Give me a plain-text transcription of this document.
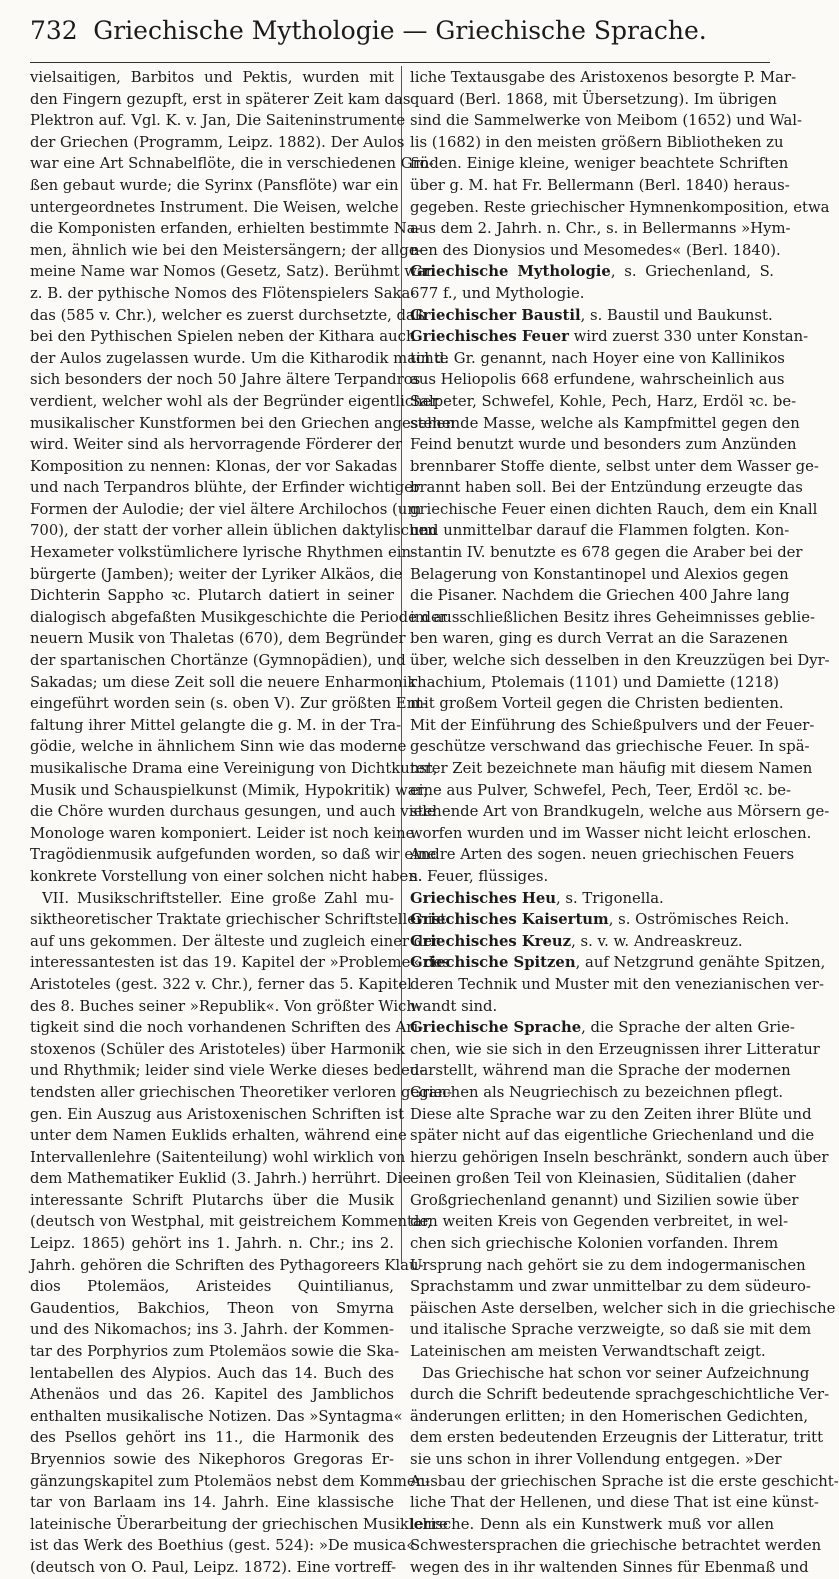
732 Griechische Mythologie — Griechische Sprache.
vielsaitigen, Barbitos und Pektis, wurden mit
den Fingern gezupft, erst in späterer Zeit kam das
Plektron auf. Vgl. K. v. Jan, Die Saiteninstrumente
der Griechen (Programm, Leipz. 1882). Der Aulos
war eine Art Schnabelflöte, die in verschiedenen Grö-
ßen gebaut wurde; die Syrinx (Pansflöte) war ein
untergeordnetes Instrument. Die Weisen, welche
die Komponisten erfanden, erhielten bestimmte Na-
men, ähnlich wie bei den Meistersängern; der allge-
meine Name war Nomos (Gesetz, Satz). Berühmt war
z. B. der pythische Nomos des Flötenspielers Saka-
das (585 v. Chr.), welcher es zuerst durchsetzte, daß
bei den Pythischen Spielen neben der Kithara auch
der Aulos zugelassen wurde. Um die Kitharodik machte
sich besonders der noch 50 Jahre ältere Terpandros
verdient, welcher wohl als der Begründer eigentlicher
musikalischer Kunstformen bei den Griechen angesehen
wird. Weiter sind als hervorragende Förderer der
Komposition zu nennen: Klonas, der vor Sakadas
und nach Terpandros blühte, der Erfinder wichtiger
Formen der Aulodie; der viel ältere Archilochos (um
700), der statt der vorher allein üblichen daktylischen
Hexameter volkstümlichere lyrische Rhythmen ein-
bürgerte (Jamben); weiter der Lyriker Alkäos, die
Dichterin Sappho ꝛc. Plutarch datiert in seiner
dialogisch abgefaßten Musikgeschichte die Periode der
neuern Musik von Thaletas (670), dem Begründer
der spartanischen Chortänze (Gymnopädien), und
Sakadas; um diese Zeit soll die neuere Enharmonik
eingeführt worden sein (s. oben V). Zur größten Ent-
faltung ihrer Mittel gelangte die g. M. in der Tra-
gödie, welche in ähnlichem Sinn wie das moderne
musikalische Drama eine Vereinigung von Dichtkunst,
Musik und Schauspielkunst (Mimik, Hypokritik) war;
die Chöre wurden durchaus gesungen, und auch viele
Monologe waren komponiert. Leider ist noch keine
Tragödienmusik aufgefunden worden, so daß wir eine
konkrete Vorstellung von einer solchen nicht haben.
VII. Musikschriftsteller. Eine große Zahl mu-
siktheoretischer Traktate griechischer Schriftsteller ist
auf uns gekommen. Der älteste und zugleich einer der
interessantesten ist das 19. Kapitel der »Probleme« des
Aristoteles (gest. 322 v. Chr.), ferner das 5. Kapitel
des 8. Buches seiner »Republik«. Von größter Wich-
tigkeit sind die noch vorhandenen Schriften des Ari-
stoxenos (Schüler des Aristoteles) über Harmonik
und Rhythmik; leider sind viele Werke dieses bedeu-
tendsten aller griechischen Theoretiker verloren gegan-
gen. Ein Auszug aus Aristoxenischen Schriften ist
unter dem Namen Euklids erhalten, während eine
Intervallenlehre (Saitenteilung) wohl wirklich von
dem Mathematiker Euklid (3. Jahrh.) herrührt. Die
interessante Schrift Plutarchs über die Musik
(deutsch von Westphal, mit geistreichem Kommentar,
Leipz. 1865) gehört ins 1. Jahrh. n. Chr.; ins 2.
Jahrh. gehören die Schriften des Pythagoreers Klau-
dios Ptolemäos, Aristeides Quintilianus,
Gaudentios, Bakchios, Theon von Smyrna
und des Nikomachos; ins 3. Jahrh. der Kommen-
tar des Porphyrios zum Ptolemäos sowie die Ska-
lentabellen des Alypios. Auch das 14. Buch des
Athenäos und das 26. Kapitel des Jamblichos
enthalten musikalische Notizen. Das »Syntagma«
des Psellos gehört ins 11., die Harmonik des
Bryennios sowie des Nikephoros Gregoras Er-
gänzungskapitel zum Ptolemäos nebst dem Kommen-
tar von Barlaam ins 14. Jahrh. Eine klassische
lateinische Überarbeitung der griechischen Musiklehre
ist das Werk des Boethius (gest. 524): »De musica«
(deutsch von O. Paul, Leipz. 1872). Eine vortreff-
liche Textausgabe des Aristoxenos besorgte P. Mar-
quard (Berl. 1868, mit Übersetzung). Im übrigen
sind die Sammelwerke von Meibom (1652) und Wal-
lis (1682) in den meisten größern Bibliotheken zu
finden. Einige kleine, weniger beachtete Schriften
über g. M. hat Fr. Bellermann (Berl. 1840) heraus-
gegeben. Reste griechischer Hymnenkomposition, etwa
aus dem 2. Jahrh. n. Chr., s. in Bellermanns »Hym-
nen des Dionysios und Mesomedes« (Berl. 1840).
Griechische Mythologie, s. Griechenland, S.
677 f., und Mythologie.
Griechischer Baustil, s. Baustil und Baukunst.
Griechisches Feuer wird zuerst 330 unter Konstan-
tin d. Gr. genannt, nach Hoyer eine von Kallinikos
aus Heliopolis 668 erfundene, wahrscheinlich aus
Salpeter, Schwefel, Kohle, Pech, Harz, Erdöl ꝛc. be-
stehende Masse, welche als Kampfmittel gegen den
Feind benutzt wurde und besonders zum Anzünden
brennbarer Stoffe diente, selbst unter dem Wasser ge-
brannt haben soll. Bei der Entzündung erzeugte das
griechische Feuer einen dichten Rauch, dem ein Knall
und unmittelbar darauf die Flammen folgten. Kon-
stantin IV. benutzte es 678 gegen die Araber bei der
Belagerung von Konstantinopel und Alexios gegen
die Pisaner. Nachdem die Griechen 400 Jahre lang
im ausschließlichen Besitz ihres Geheimnisses geblie-
ben waren, ging es durch Verrat an die Sarazenen
über, welche sich desselben in den Kreuzzügen bei Dyr-
rhachium, Ptolemais (1101) und Damiette (1218)
mit großem Vorteil gegen die Christen bedienten.
Mit der Einführung des Schießpulvers und der Feuer-
geschütze verschwand das griechische Feuer. In spä-
terer Zeit bezeichnete man häufig mit diesem Namen
eine aus Pulver, Schwefel, Pech, Teer, Erdöl ꝛc. be-
stehende Art von Brandkugeln, welche aus Mörsern ge-
worfen wurden und im Wasser nicht leicht erloschen.
Andre Arten des sogen. neuen griechischen Feuers
s. Feuer, flüssiges.
Griechisches Heu, s. Trigonella.
Griechisches Kaisertum, s. Oströmisches Reich.
Griechisches Kreuz, s. v. w. Andreaskreuz.
Griechische Spitzen, auf Netzgrund genähte Spitzen,
deren Technik und Muster mit den venezianischen ver-
wandt sind.
Griechische Sprache, die Sprache der alten Grie-
chen, wie sie sich in den Erzeugnissen ihrer Litteratur
darstellt, während man die Sprache der modernen
Griechen als Neugriechisch zu bezeichnen pflegt.
Diese alte Sprache war zu den Zeiten ihrer Blüte und
später nicht auf das eigentliche Griechenland und die
hierzu gehörigen Inseln beschränkt, sondern auch über
einen großen Teil von Kleinasien, Süditalien (daher
Großgriechenland genannt) und Sizilien sowie über
den weiten Kreis von Gegenden verbreitet, in wel-
chen sich griechische Kolonien vorfanden. Ihrem
Ursprung nach gehört sie zu dem indogermanischen
Sprachstamm und zwar unmittelbar zu dem südeuro-
päischen Aste derselben, welcher sich in die griechische
und italische Sprache verzweigte, so daß sie mit dem
Lateinischen am meisten Verwandtschaft zeigt.
Das Griechische hat schon vor seiner Aufzeichnung
durch die Schrift bedeutende sprachgeschichtliche Ver-
änderungen erlitten; in den Homerischen Gedichten,
dem ersten bedeutenden Erzeugnis der Litteratur, tritt
sie uns schon in ihrer Vollendung entgegen. »Der
Ausbau der griechischen Sprache ist die erste geschicht-
liche That der Hellenen, und diese That ist eine künst-
lerische. Denn als ein Kunstwerk muß vor allen
Schwestersprachen die griechische betrachtet werden
wegen des in ihr waltenden Sinnes für Ebenmaß und
